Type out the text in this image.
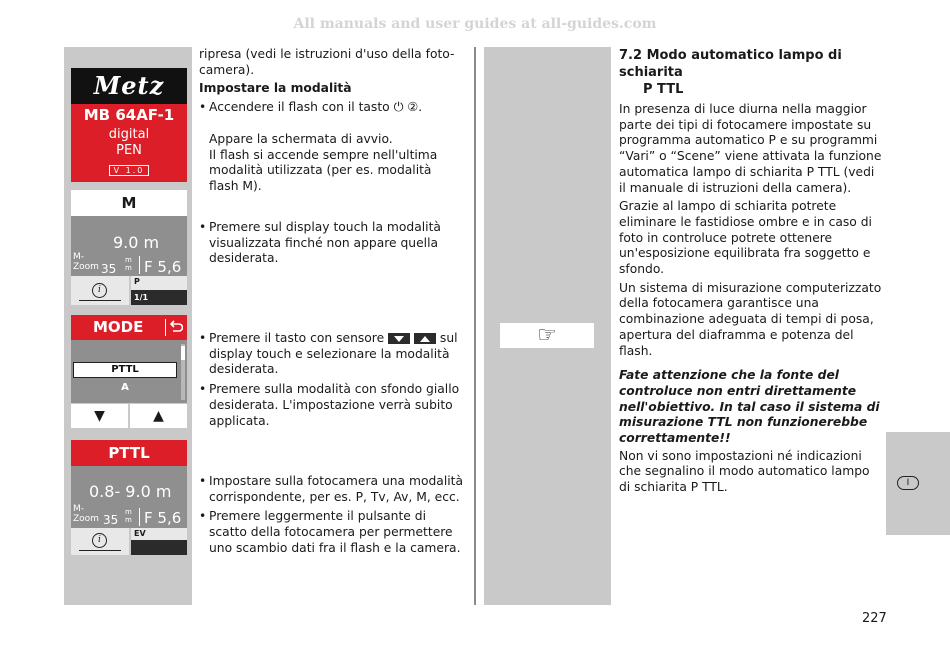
All manuals and user guides at all-guides.com
Metz
MB 64AF-1
digital
PEN
V 1.0
M
9.0 m
M-
Zoom 35
m
m F 5,6
i
P
1/1
MODE
PTTL
A
▼	▲
PTTL
0.8- 9.0 m
M-
Zoom 35
m
m F 5,6
i
EV

ripresa (vedi le istruzioni d'uso della foto-camera).

Impostare la modalità

• Accendere il flash con il tasto ⏻ ②.

Appare la schermata di avvio.

Il flash si accende sempre nell'ultima modalità utilizzata (per es. modalità flash M).

• Premere sul display touch la modalità visualizzata finché non appare quella desiderata.
• Premere il tasto con sensore
	sul display touch e selezionare la modalità desiderata.
• Premere sulla modalità con sfondo giallo desiderata. L'impostazione verrà subito applicata.
• Impostare sulla fotocamera una modalità corrispondente, per es. P, Tv, Av, M, ecc.
• Premere leggermente il pulsante di scatto della fotocamera per permettere uno scambio dati fra il flash e la camera.
☞
7.2 Modo automatico lampo di schiarita
P TTL

In presenza di luce diurna nella maggior parte dei tipi di fotocamere impostate su programma automatico P e su programmi “Vari” o “Scene” viene attivata la funzione automatica lampo di schiarita P TTL (vedi il manuale di istruzioni della camera).

Grazie al lampo di schiarita potrete eliminare le fastidiose ombre e in caso di foto in controluce potrete ottenere un'esposizione equilibrata fra soggetto e sfondo.

Un sistema di misurazione computerizzato della fotocamera garantisce una combinazione adeguata di tempi di posa, apertura del diaframma e potenza del flash.

Fate attenzione che la fonte del controluce non entri direttamente nell'obiettivo. In tal caso il sistema di misurazione TTL non funzionerebbe correttamente!!

Non vi sono impostazioni né indicazioni che segnalino il modo automatico lampo di schiarita P TTL.	I
227
